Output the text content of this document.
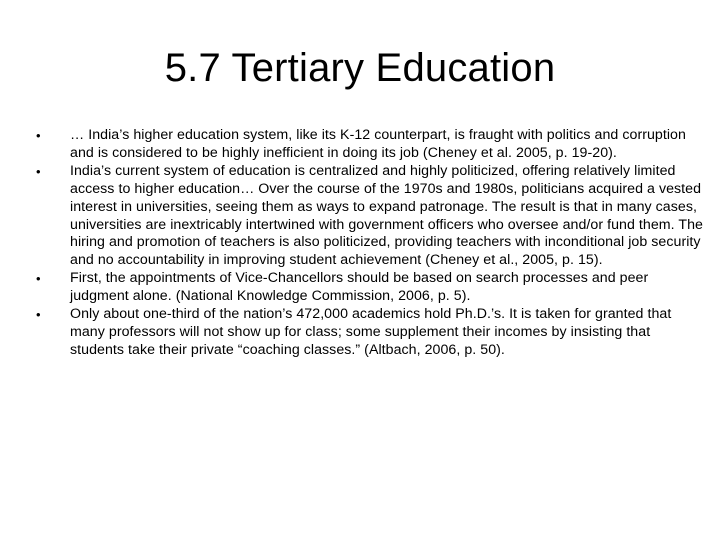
5.7 Tertiary Education
•	… India’s higher education system, like its K-12 counterpart, is fraught with politics and corruption and is considered to be highly inefficient in doing its job (Cheney et al. 2005, p. 19-20).
•	India’s current system of education is centralized and highly politicized, offering relatively limited access to higher education… Over the course of the 1970s and 1980s, politicians acquired a vested interest in universities, seeing them as ways to expand patronage. The result is that in many cases, universities are inextricably intertwined with government officers who oversee and/or fund them. The hiring and promotion of teachers is also politicized, providing teachers with inconditional job security and no accountability in improving student achievement (Cheney et al., 2005, p. 15).
•	First, the appointments of Vice-Chancellors should be based on search processes and peer judgment alone. (National Knowledge Commission, 2006, p. 5).
•	Only about one-third of the nation’s 472,000 academics hold Ph.D.’s. It is taken for granted that many professors will not show up for class; some supplement their incomes by insisting that students take their private “coaching classes.” (Altbach, 2006, p. 50).
